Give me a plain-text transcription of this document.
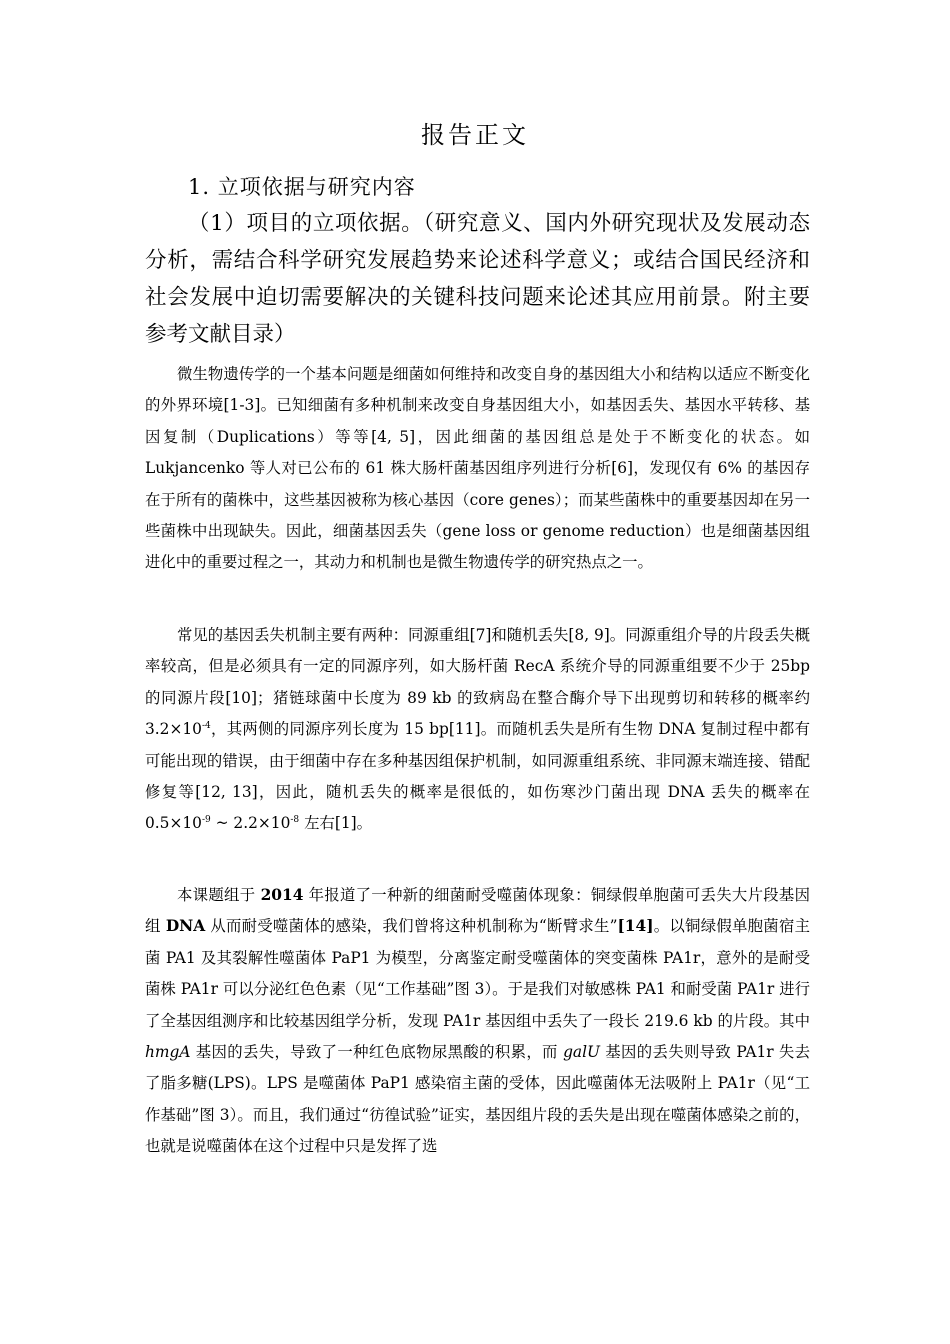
报告正文
1. 立项依据与研究内容

（1）项目的立项依据。（研究意义、国内外研究现状及发展动态分析，需结合科学研究发展趋势来论述科学意义；或结合国民经济和社会发展中迫切需要解决的关键科技问题来论述其应用前景。附主要参考文献目录）

微生物遗传学的一个基本问题是细菌如何维持和改变自身的基因组大小和结构以适应不断变化的外界环境[1-3]。已知细菌有多种机制来改变自身基因组大小，如基因丢失、基因水平转移、基因复制（Duplications）等等[4, 5]，因此细菌的基因组总是处于不断变化的状态。如 Lukjancenko 等人对已公布的 61 株大肠杆菌基因组序列进行分析[6]，发现仅有 6% 的基因存在于所有的菌株中，这些基因被称为核心基因（core genes）；而某些菌株中的重要基因却在另一些菌株中出现缺失。因此，细菌基因丢失（gene loss or genome reduction）也是细菌基因组进化中的重要过程之一，其动力和机制也是微生物遗传学的研究热点之一。

常见的基因丢失机制主要有两种：同源重组[7]和随机丢失[8, 9]。同源重组介导的片段丢失概率较高，但是必须具有一定的同源序列，如大肠杆菌 RecA 系统介导的同源重组要不少于 25bp 的同源片段[10]；猪链球菌中长度为 89 kb 的致病岛在整合酶介导下出现剪切和转移的概率约 $3.2\times 10^{-4}$，其两侧的同源序列长度为 15 bp[11]。而随机丢失是所有生物 DNA 复制过程中都有可能出现的错误，由于细菌中存在多种基因组保护机制，如同源重组系统、非同源末端连接、错配修复等[12, 13]，因此，随机丢失的概率是很低的，如伤寒沙门菌出现 DNA 丢失的概率在 $0.5\times 10^{-9}$ ~ $2.2\times 10^{-8}$ 左右[1]。

本课题组于 2014 年报道了一种新的细菌耐受噬菌体现象：铜绿假单胞菌可丢失大片段基因组 DNA 从而耐受噬菌体的感染，我们曾将这种机制称为“断臂求生”[14]。以铜绿假单胞菌宿主菌 PA1 及其裂解性噬菌体 PaP1 为模型，分离鉴定耐受噬菌体的突变菌株 PA1r，意外的是耐受菌株 PA1r 可以分泌红色色素（见“工作基础”图 3）。于是我们对敏感株 PA1 和耐受菌 PA1r 进行了全基因组测序和比较基因组学分析，发现 PA1r 基因组中丢失了一段长 219.6 kb 的片段。其中 hmgA 基因的丢失，导致了一种红色底物尿黑酸的积累，而 galU 基因的丢失则导致 PA1r 失去了脂多糖(LPS)。LPS 是噬菌体 PaP1 感染宿主菌的受体，因此噬菌体无法吸附上 PA1r（见“工作基础”图 3）。而且，我们通过“彷徨试验”证实，基因组片段的丢失是出现在噬菌体感染之前的，也就是说噬菌体在这个过程中只是发挥了选
